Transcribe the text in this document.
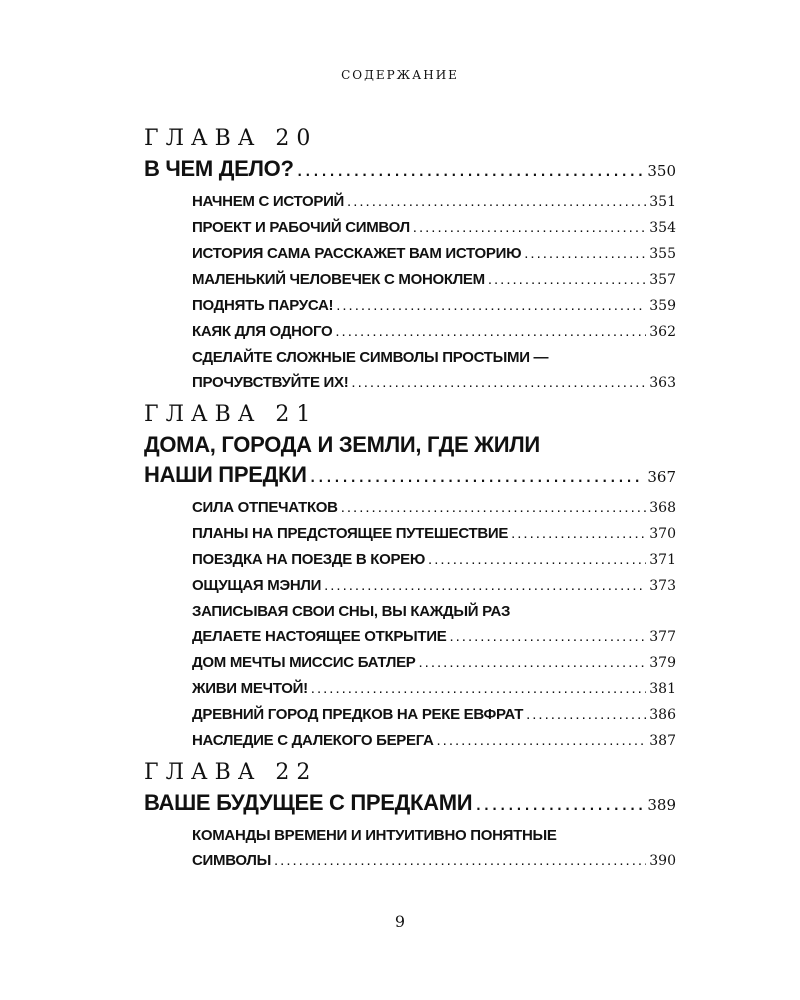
СОДЕРЖАНИЕ
ГЛАВА 20
В ЧЕМ ДЕЛО? .....	350
НАЧНЕМ С ИСТОРИЙ .....	351
ПРОЕКТ И РАБОЧИЙ СИМВОЛ .....	354
ИСТОРИЯ САМА РАССКАЖЕТ ВАМ ИСТОРИЮ .....	355
МАЛЕНЬКИЙ ЧЕЛОВЕЧЕК С МОНОКЛЕМ .....	357
ПОДНЯТЬ ПАРУСА! .....	359
КАЯК ДЛЯ ОДНОГО .....	362
СДЕЛАЙТЕ СЛОЖНЫЕ СИМВОЛЫ ПРОСТЫМИ —
ПРОЧУВСТВУЙТЕ ИХ! .....	363
ГЛАВА 21
ДОМА, ГОРОДА И ЗЕМЛИ, ГДЕ ЖИЛИ
НАШИ ПРЕДКИ .....	367
СИЛА ОТПЕЧАТКОВ .....	368
ПЛАНЫ НА ПРЕДСТОЯЩЕЕ ПУТЕШЕСТВИЕ .....	370
ПОЕЗДКА НА ПОЕЗДЕ В КОРЕЮ .....	371
ОЩУЩАЯ МЭНЛИ .....	373
ЗАПИСЫВАЯ СВОИ СНЫ, ВЫ КАЖДЫЙ РАЗ
ДЕЛАЕТЕ НАСТОЯЩЕЕ ОТКРЫТИЕ .....	377
ДОМ МЕЧТЫ МИССИС БАТЛЕР .....	379
ЖИВИ МЕЧТОЙ! .....	381
ДРЕВНИЙ ГОРОД ПРЕДКОВ НА РЕКЕ ЕВФРАТ .....	386
НАСЛЕДИЕ С ДАЛЕКОГО БЕРЕГА .....	387
ГЛАВА 22
ВАШЕ БУДУЩЕЕ С ПРЕДКАМИ .....	389
КОМАНДЫ ВРЕМЕНИ И ИНТУИТИВНО ПОНЯТНЫЕ
СИМВОЛЫ .....	390
9
